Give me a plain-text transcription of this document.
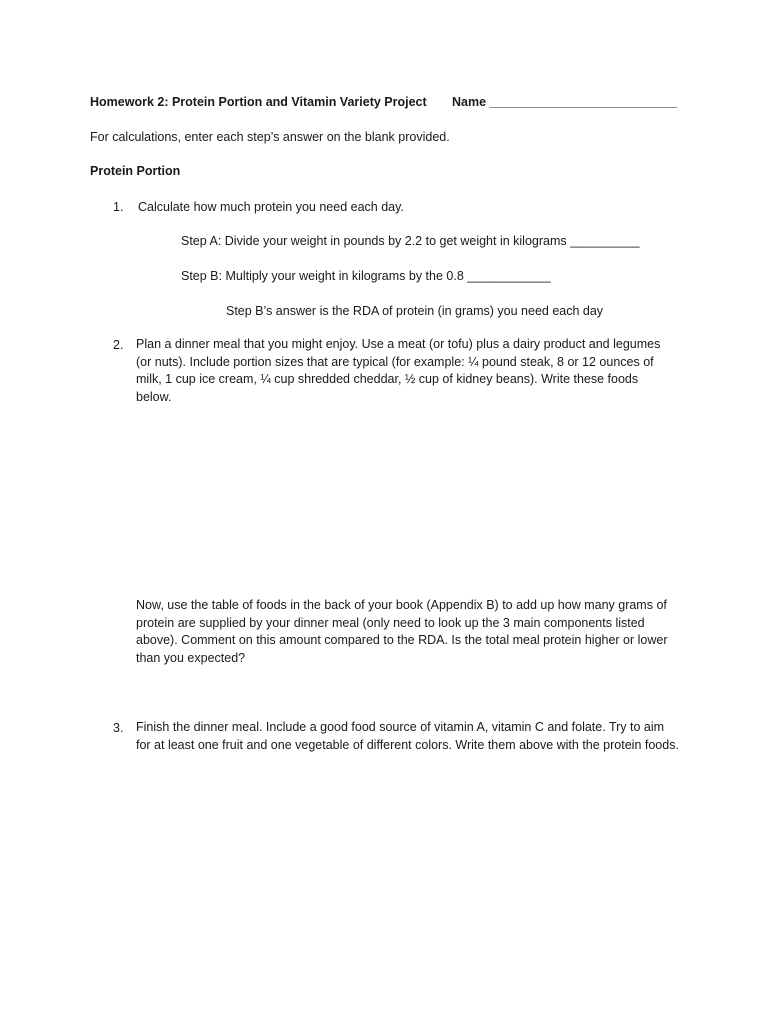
Homework 2: Protein Portion and Vitamin Variety Project Name ___________________________
For calculations, enter each step’s answer on the blank provided.
Protein Portion
1. Calculate how much protein you need each day.
Step A: Divide your weight in pounds by 2.2 to get weight in kilograms __________
Step B: Multiply your weight in kilograms by the 0.8 ____________
Step B’s answer is the RDA of protein (in grams) you need each day
2. Plan a dinner meal that you might enjoy. Use a meat (or tofu) plus a dairy product and legumes (or nuts). Include portion sizes that are typical (for example: ¼ pound steak, 8 or 12 ounces of milk, 1 cup ice cream, ¼ cup shredded cheddar, ½ cup of kidney beans). Write these foods below.
Now, use the table of foods in the back of your book (Appendix B) to add up how many grams of protein are supplied by your dinner meal (only need to look up the 3 main components listed above). Comment on this amount compared to the RDA. Is the total meal protein higher or lower than you expected?
3. Finish the dinner meal. Include a good food source of vitamin A, vitamin C and folate. Try to aim for at least one fruit and one vegetable of different colors. Write them above with the protein foods.
